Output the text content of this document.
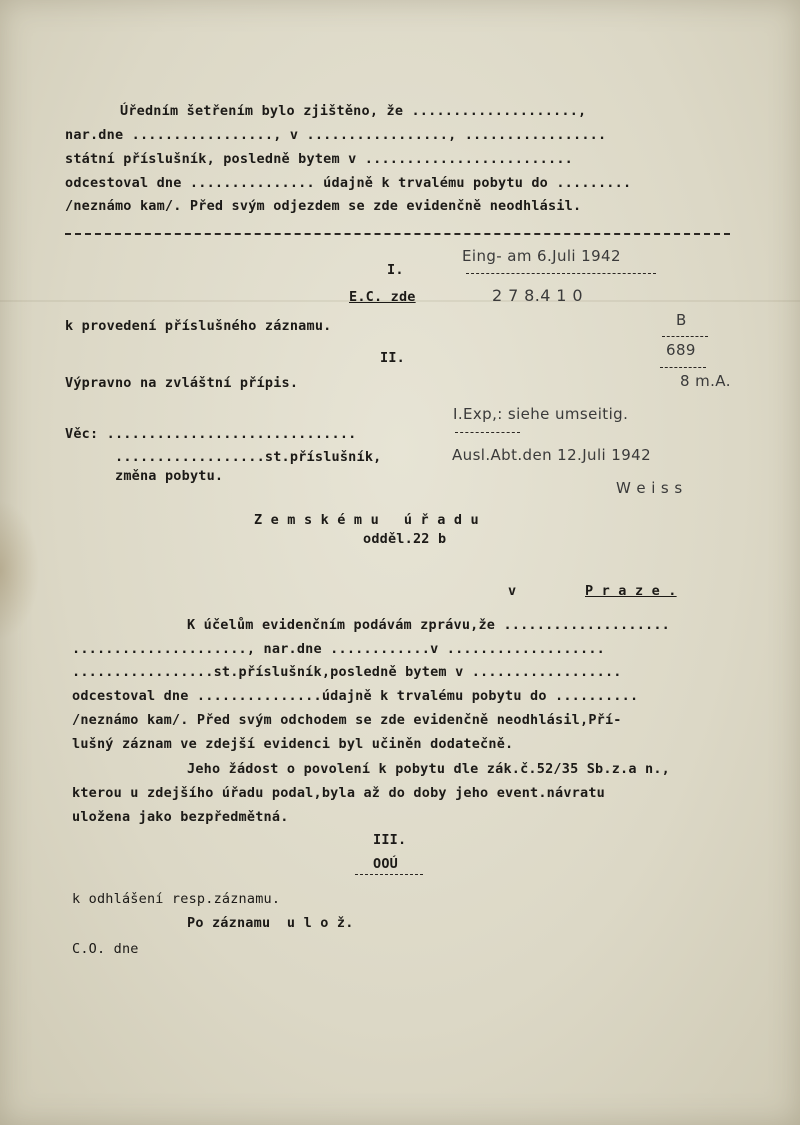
Úředním šetřením bylo zjištěno, že ....................,
nar.dne ................., v ................., .................
státní příslušník, posledně bytem v .........................
odcestoval dne ............... údajně k trvalému pobytu do .........
/neznámo kam/. Před svým odjezdem se zde evidenčně neodhlásil.
Eing- am 6.Juli 1942
I.
E.C. zde	2 7 8.4 1 0
B
k provedení příslušného záznamu.
689
II.
Výpravno na zvláštní přípis.	8 m.A.
I.Exp,: siehe umseitig.
Věc: ..............................
..................st.příslušník,	Ausl.Abt.den 12.Juli 1942
změna pobytu.
W e i s s
Z e m s k é m u   ú ř a d u
odděl.22 b
v	P r a z e .
K účelům evidenčním podávám zprávu,že ....................
....................., nar.dne ............v ...................
.................st.příslušník,posledně bytem v ..................
odcestoval dne ...............údajně k trvalému pobytu do ..........
/neznámo kam/. Před svým odchodem se zde evidenčně neodhlásil,Pří-
lušný záznam ve zdejší evidenci byl učiněn dodatečně.
Jeho žádost o povolení k pobytu dle zák.č.52/35 Sb.z.a n.,
kterou u zdejšího úřadu podal,byla až do doby jeho event.návratu
uložena jako bezpředmětná.
III.
OOÚ
k odhlášení resp.záznamu.
Po záznamu  u l o ž.
C.O. dne
